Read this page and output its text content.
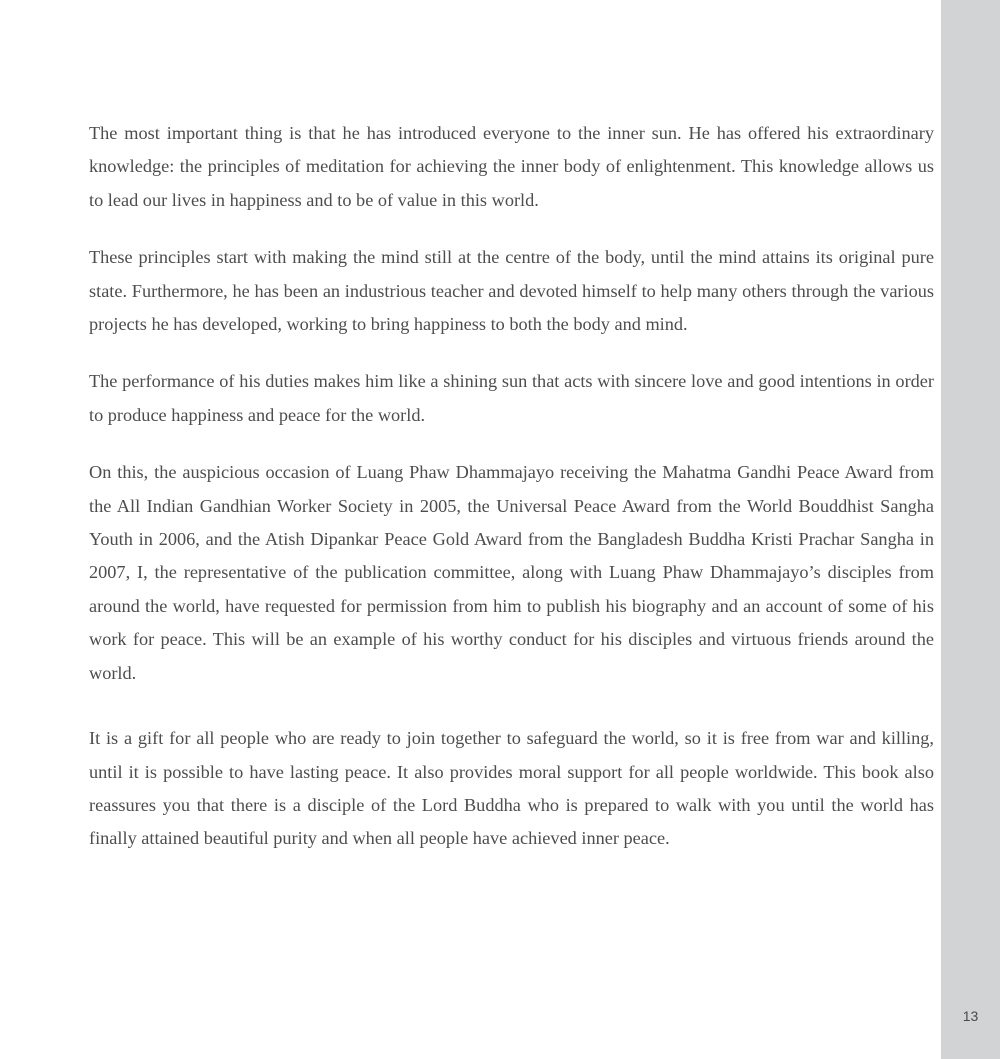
The most important thing is that he has introduced everyone to the inner sun. He has offered his extraordinary knowledge: the principles of meditation for achieving the inner body of enlightenment. This knowledge allows us to lead our lives in happiness and to be of value in this world.

These principles start with making the mind still at the centre of the body, until the mind attains its original pure state. Furthermore, he has been an industrious teacher and devoted himself to help many others through the various projects he has developed, working to bring happiness to both the body and mind.

The performance of his duties makes him like a shining sun that acts with sincere love and good intentions in order to produce happiness and peace for the world.

On this, the auspicious occasion of Luang Phaw Dhammajayo receiving the Mahatma Gandhi Peace Award from the All Indian Gandhian Worker Society in 2005, the Universal Peace Award from the World Bouddhist Sangha Youth in 2006, and the Atish Dipankar Peace Gold Award from the Bangladesh Buddha Kristi Prachar Sangha in 2007, I, the representative of the publication committee, along with Luang Phaw Dhammajayo’s disciples from around the world, have requested for permission from him to publish his biography and an account of some of his work for peace. This will be an example of his worthy conduct for his disciples and virtuous friends around the world.

It is a gift for all people who are ready to join together to safeguard the world, so it is free from war and killing, until it is possible to have lasting peace. It also provides moral support for all people worldwide. This book also reassures you that there is a disciple of the Lord Buddha who is prepared to walk with you until the world has finally attained beautiful purity and when all people have achieved inner peace.

13
